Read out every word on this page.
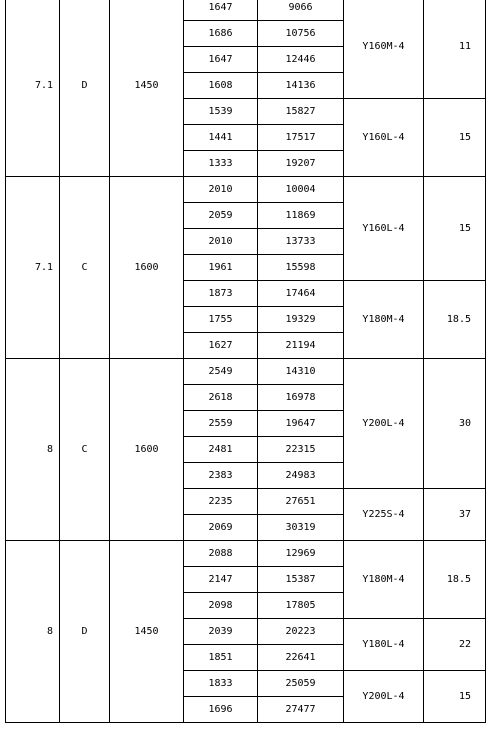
7.1	D	1450	1647	9066	Y160M-4	11
			1686	10756		
			1647	12446		
			1608	14136		
			1539	15827	Y160L-4	15
			1441	17517		
			1333	19207		
7.1	C	1600	2010	10004	Y160L-4	15
			2059	11869		
			2010	13733		
			1961	15598		
			1873	17464	Y180M-4	18.5
			1755	19329		
			1627	21194		
8	C	1600	2549	14310	Y200L-4	30
			2618	16978		
			2559	19647		
			2481	22315		
			2383	24983		
			2235	27651	Y225S-4	37
			2069	30319		
8	D	1450	2088	12969	Y180M-4	18.5
			2147	15387		
			2098	17805		
			2039	20223	Y180L-4	22
			1851	22641		
			1833	25059	Y200L-4	15
			1696	27477		
